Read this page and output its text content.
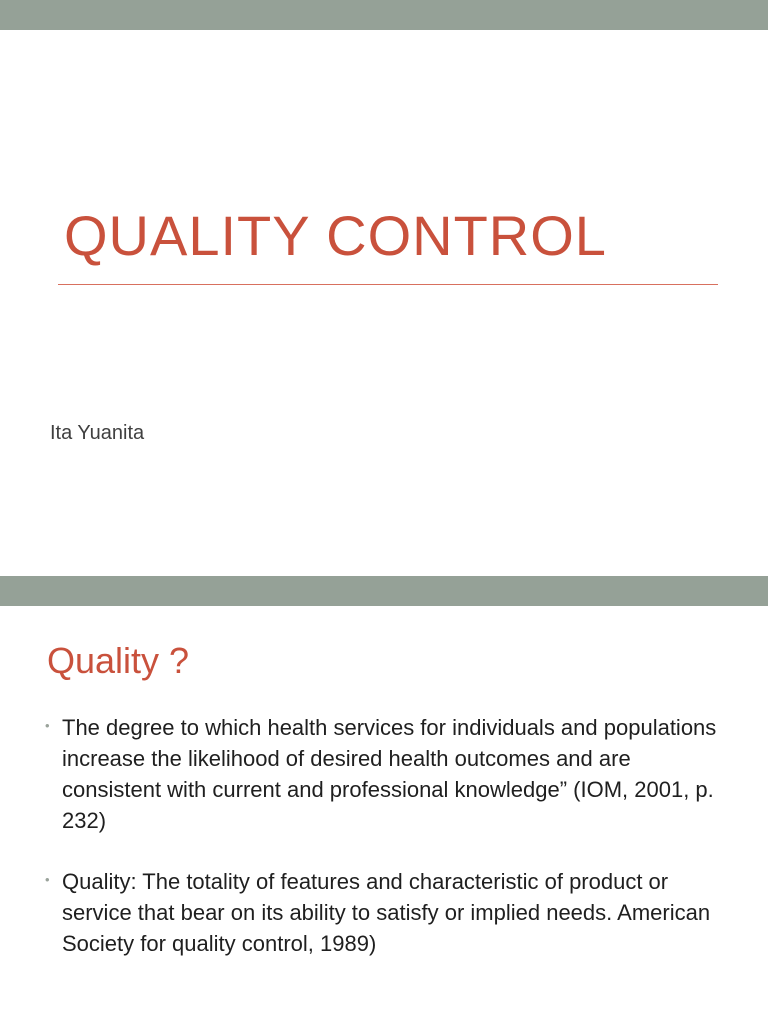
QUALITY CONTROL
Ita Yuanita
Quality ?
• The degree to which health services for individuals and populations increase the likelihood of desired health outcomes and are consistent with current and professional knowledge” (IOM, 2001, p. 232)
• Quality: The totality of features and characteristic of product or service that bear on its ability to satisfy or implied needs. American Society for quality control, 1989)
